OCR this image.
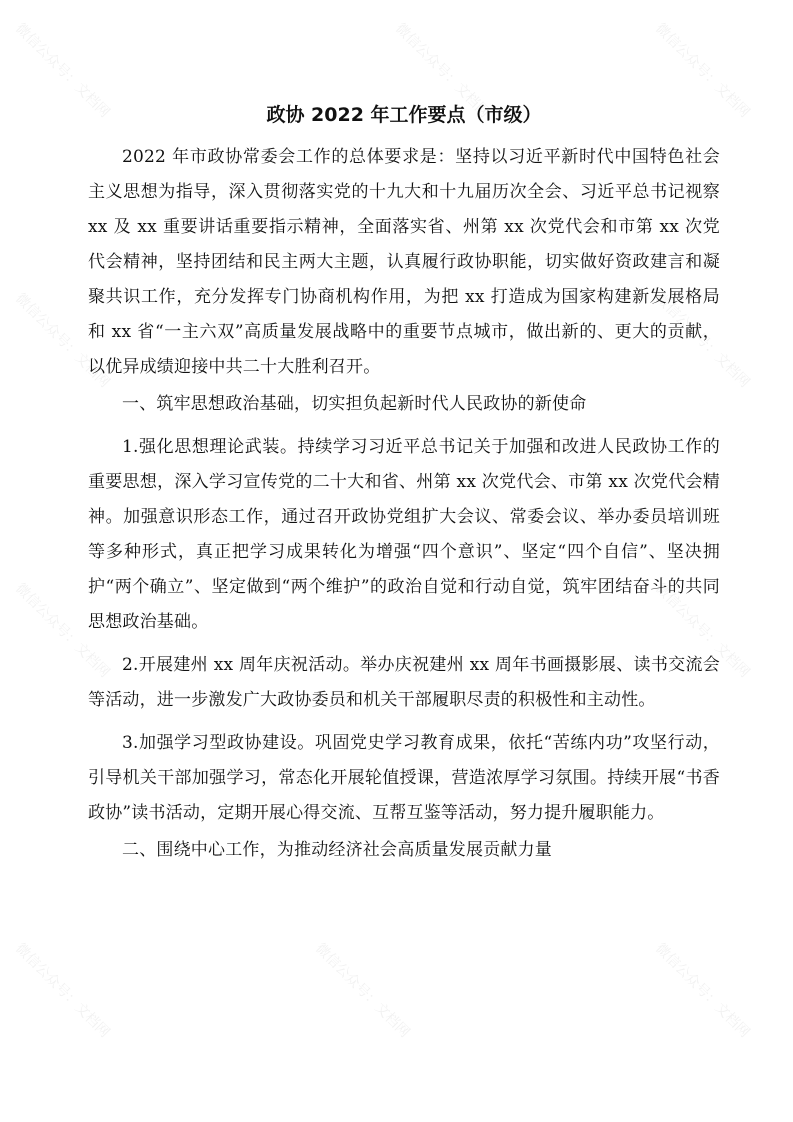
微信公众号：文档网	微信公众号：文档网	微信公众号：文档网
微信公众号：文档网	微信公众号：文档网
微信公众号：文档网	微信公众号：文档网
微信公众号：文档网	微信公众号：文档网	微信公众号：文档网
政协 2022 年工作要点（市级）

2022 年市政协常委会工作的总体要求是：坚持以习近平新时代中国特色社会主义思想为指导，深入贯彻落实党的十九大和十九届历次全会、习近平总书记视察 xx 及 xx 重要讲话重要指示精神，全面落实省、州第 xx 次党代会和市第 xx 次党代会精神，坚持团结和民主两大主题，认真履行政协职能，切实做好资政建言和凝聚共识工作，充分发挥专门协商机构作用，为把 xx 打造成为国家构建新发展格局和 xx 省“一主六双”高质量发展战略中的重要节点城市，做出新的、更大的贡献，以优异成绩迎接中共二十大胜利召开。

一、筑牢思想政治基础，切实担负起新时代人民政协的新使命

1.强化思想理论武装。持续学习习近平总书记关于加强和改进人民政协工作的重要思想，深入学习宣传党的二十大和省、州第 xx 次党代会、市第 xx 次党代会精神。加强意识形态工作，通过召开政协党组扩大会议、常委会议、举办委员培训班等多种形式，真正把学习成果转化为增强“四个意识”、坚定“四个自信”、坚决拥护“两个确立”、坚定做到“两个维护”的政治自觉和行动自觉，筑牢团结奋斗的共同思想政治基础。

2.开展建州 xx 周年庆祝活动。举办庆祝建州 xx 周年书画摄影展、读书交流会等活动，进一步激发广大政协委员和机关干部履职尽责的积极性和主动性。

3.加强学习型政协建设。巩固党史学习教育成果，依托“苦练内功”攻坚行动，引导机关干部加强学习，常态化开展轮值授课，营造浓厚学习氛围。持续开展“书香政协”读书活动，定期开展心得交流、互帮互鉴等活动，努力提升履职能力。

二、围绕中心工作，为推动经济社会高质量发展贡献力量
